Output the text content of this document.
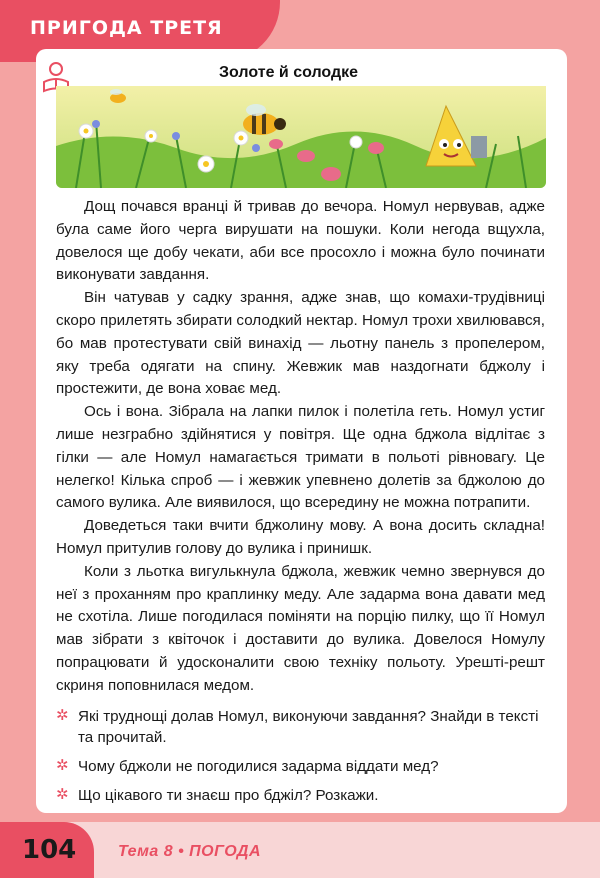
ПРИГОДА ТРЕТЯ
Золоте й солодке

Дощ почався вранці й тривав до вечора. Номул нервував, адже була саме його черга вирушати на пошуки. Коли негода вщухла, довелося ще добу чекати, аби все просохло і можна було починати виконувати завдання.

Він чатував у садку зрання, адже знав, що комахи-трудівниці скоро прилетять збирати солодкий нектар. Номул трохи хвилювався, бо мав протестувати свій винахід — льотну панель з пропелером, яку треба одягати на спину. Жевжик мав наздогнати бджолу і простежити, де вона ховає мед.

Ось і вона. Зібрала на лапки пилок і полетіла геть. Номул устиг лише незграбно здійнятися у повітря. Ще одна бджола відлітає з гілки — але Номул намагається тримати в польоті рівновагу. Це нелегко! Кілька спроб — і жевжик упевнено долетів за бджолою до самого вулика. Але виявилося, що всередину не можна потрапити.

Доведеться таки вчити бджолину мову. А вона досить складна! Номул притулив голову до вулика і принишк.

Коли з льотка вигулькнула бджола, жевжик чемно звернувся до неї з проханням про краплинку меду. Але задарма вона давати мед не схотіла. Лише погодилася поміняти на порцію пилку, що її Номул мав зібрати з квіточок і доставити до вулика. Довелося Номулу попрацювати й удосконалити свою техніку польоту. Урешті-решт скриня поповнилася медом.

✲ Які труднощі долав Номул, виконуючи завдання? Знайди в тексті та прочитай.
✲ Чому бджоли не погодилися задарма віддати мед?
✲ Що цікавого ти знаєш про бджіл? Розкажи.
104	Тема 8 • ПОГОДА
